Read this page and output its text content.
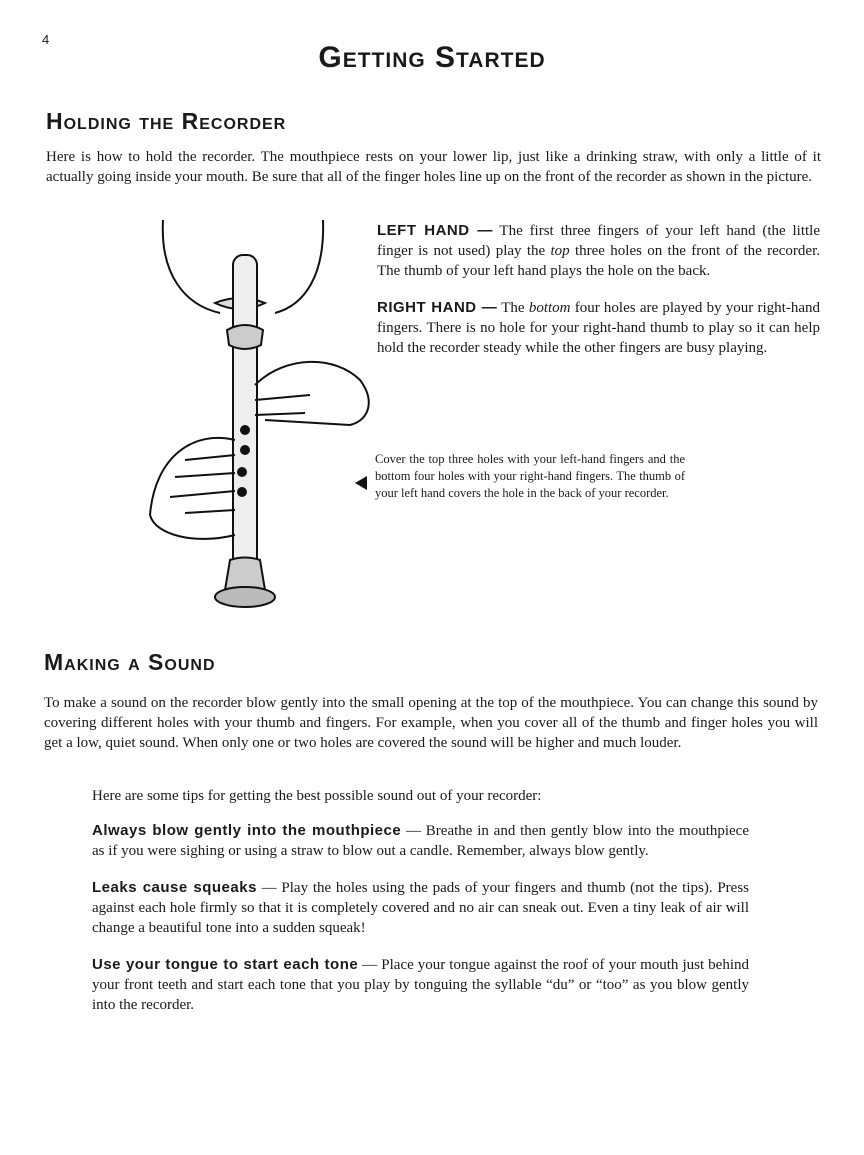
4
Getting Started
Holding the Recorder

Here is how to hold the recorder. The mouthpiece rests on your lower lip, just like a drinking straw, with only a little of it actually going inside your mouth. Be sure that all of the finger holes line up on the front of the recorder as shown in the picture.

LEFT HAND — The first three fingers of your left hand (the little finger is not used) play the top three holes on the front of the recorder. The thumb of your left hand plays the hole on the back.

RIGHT HAND — The bottom four holes are played by your right-hand fingers. There is no hole for your right-hand thumb to play so it can help hold the recorder steady while the other fingers are busy playing.

Cover the top three holes with your left-hand fingers and the bottom four holes with your right-hand fingers. The thumb of your left hand covers the hole in the back of your recorder.

Making a Sound

To make a sound on the recorder blow gently into the small opening at the top of the mouthpiece. You can change this sound by covering different holes with your thumb and fingers. For example, when you cover all of the thumb and finger holes you will get a low, quiet sound. When only one or two holes are covered the sound will be higher and much louder.

Here are some tips for getting the best possible sound out of your recorder:

Always blow gently into the mouthpiece — Breathe in and then gently blow into the mouthpiece as if you were sighing or using a straw to blow out a candle. Remember, always blow gently.

Leaks cause squeaks — Play the holes using the pads of your fingers and thumb (not the tips). Press against each hole firmly so that it is completely covered and no air can sneak out. Even a tiny leak of air will change a beautiful tone into a sudden squeak!

Use your tongue to start each tone — Place your tongue against the roof of your mouth just behind your front teeth and start each tone that you play by tonguing the syllable “du” or “too” as you blow gently into the recorder.
